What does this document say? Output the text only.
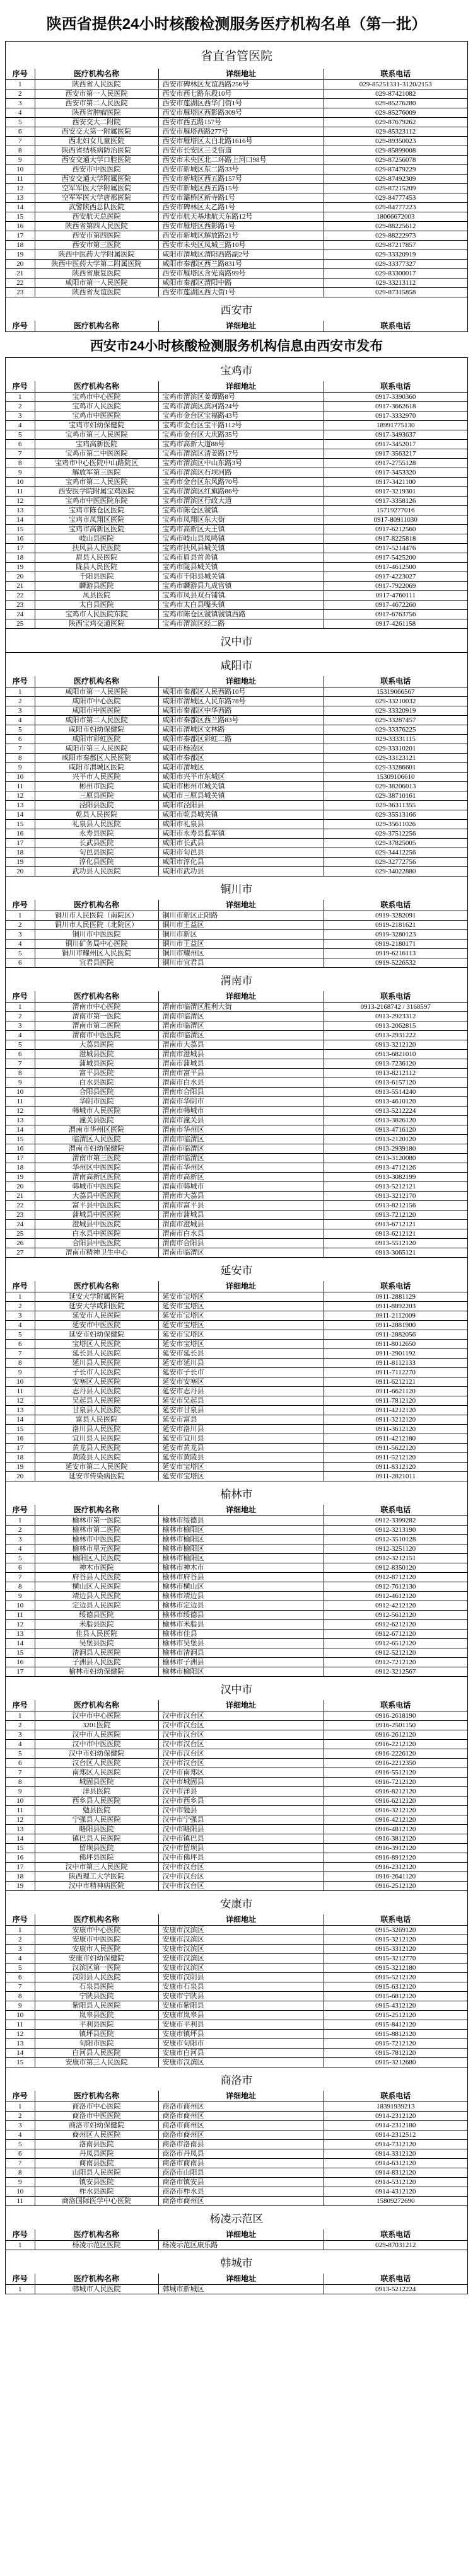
陕西省提供24小时核酸检测服务医疗机构名单（第一批）
省直省管医院
序号	医疗机构名称	详细地址	联系电话
1	陕西省人民医院	西安市碑林区友谊西路256号	029-85251331-3120/2153
2	西安市第一人民医院	西安市西七路东段10号	029-87421082
3	西安市第二人民医院	西安市莲湖区西华门街1号	029-85276280
4	陕西省肿瘤医院	西安市雁塔区西影路309号	029-85276009
5	西安交大二附院	西安市西五路157号	029-87679262
6	西安交大第一附属医院	西安市雁塔西路277号	029-85323112
7	西北妇女儿童医院	西安市雁塔区太白北路1616号	029-89350023
8	陕西省结核病防治医院	西安市长安区三爻街道	029-85899008
9	西安交通大学口腔医院	西安市未央区北二环路上河口98号	029-87256078
10	西安市中医医院	西安市新城区东二路33号	029-87479229
11	西安交通大学附属医院	西安市新城区西五路157号	029-87492309
12	空军军医大学附属医院	西安市新城区西五路15号	029-87215209
13	空军军医大学唐都医院	西安市灞桥区新寺路1号	029-84777453
14	武警陕西总队医院	西安市碑林区太乙路1号	029-84777223
15	西安航天总医院	西安市航天基地航天东路12号	18066672003
16	陕西省第四人民医院	西安市雁塔区西影路1号	029-88225612
17	西安市第四医院	西安市新城区解放路21号	029-88222973
18	西安市第三医院	西安市未央区凤城三路10号	029-87217857
19	陕西中医药大学附属医院	咸阳市渭城区渭阳西路副2号	029-33320919
20	陕西中医药大学第二附属医院	咸阳市秦都区西兰路831号	029-33377327
21	陕西省康复医院	西安市雁塔区含光南路99号	029-83300017
22	咸阳市第一人民医院	咸阳市秦都区渭阳中路	029-33213112
23	陕西省友谊医院	西安市莲湖区西大街1号	029-87315858
西安市
序号	医疗机构名称	详细地址	联系电话
西安市24小时核酸检测服务机构信息由西安市发布
宝鸡市
序号	医疗机构名称	详细地址	联系电话
1	宝鸡市中心医院	宝鸡市渭滨区姜谭路8号	0917-3390360
2	宝鸡市人民医院	宝鸡市渭滨区滨河路24号	0917-3662618
3	宝鸡市中医医院	宝鸡市金台区宝福路43号	0917-3332970
4	宝鸡市妇幼保健院	宝鸡市金台区宝平路112号	18991775130
5	宝鸡市第三人民医院	宝鸡市金台区大庆路35号	0917-3493637
6	宝鸡高新医院	宝鸡市高新大道88号	0917-3452017
7	宝鸡市第二中医医院	宝鸡市渭滨区清姜路17号	0917-3563217
8	宝鸡市中心医院中山路院区	宝鸡市渭滨区中山东路3号	0917-2755128
9	解放军第三医院	宝鸡市渭滨区石坝河路	0917-3453320
10	宝鸡市第二人民医院	宝鸡市金台区东风路70号	0917-3421100
11	西安医学院附属宝鸡医院	宝鸡市渭滨区红旗路86号	0917-3219301
12	宝鸡市中医医院东院	宝鸡市渭滨区行政大道	0917-3358126
13	宝鸡市陈仓区医院	宝鸡市陈仓区虢镇	15719277016
14	宝鸡市凤翔区医院	宝鸡市凤翔区东大街	0917-80911030
15	宝鸡市高新区医院	宝鸡市高新区天王镇	0917-6212560
16	岐山县医院	宝鸡市岐山县凤鸣镇	0917-8225818
17	扶风县人民医院	宝鸡市扶风县城关镇	0917-5214476
18	眉县人民医院	宝鸡市眉县首善镇	0917-5425200
19	陇县人民医院	宝鸡市陇县城关镇	0917-4612500
20	千阳县医院	宝鸡市千阳县城关镇	0917-4223027
21	麟游县医院	宝鸡市麟游县九成宫镇	0917-7922069
22	凤县医院	宝鸡市凤县双石铺镇	0917-4760111
23	太白县医院	宝鸡市太白县嘴头镇	0917-4672260
24	宝鸡市人民医院东院	宝鸡市陈仓区虢镇虢镇西路	0917-6763756
25	陕西宝鸡交通医院	宝鸡市渭滨区经二路	0917-4261158
汉中市
咸阳市
序号	医疗机构名称	详细地址	联系电话
1	咸阳市第一人民医院	咸阳市秦都区人民西路10号	15319066567
2	咸阳市中心医院	咸阳市渭城区人民东路78号	029-33210032
3	咸阳市中医医院	咸阳市秦都区中华西路	029-33320919
4	咸阳市第二人民医院	咸阳市秦都区西兰路83号	029-33287457
5	咸阳市妇幼保健院	咸阳市渭城区文林路	029-33376225
6	咸阳市彩虹医院	咸阳市秦都区彩虹二路	029-33331115
7	咸阳市第三人民医院	咸阳市杨凌区	029-33310201
8	咸阳市秦都区人民医院	咸阳市秦都区	029-33123121
9	咸阳市渭城区医院	咸阳市渭城区	029-33286601
10	兴平市人民医院	咸阳市兴平市东城区	15309106610
11	彬州市医院	咸阳市彬州市城关镇	029-38206013
12	三原县医院	咸阳市三原县城关镇	029-38710161
13	泾阳县医院	咸阳市泾阳县	029-36311355
14	乾县人民医院	咸阳市乾县城关镇	029-35513166
15	礼泉县人民医院	咸阳市礼泉县	029-35611026
16	永寿县医院	咸阳市永寿县监军镇	029-37512256
17	长武县医院	咸阳市长武县	029-37825005
18	旬邑县医院	咸阳市旬邑县	029-34412256
19	淳化县医院	咸阳市淳化县	029-32772756
20	武功县人民医院	咸阳市武功县	029-34022880
铜川市
序号	医疗机构名称	详细地址	联系电话
1	铜川市人民医院（南院区）	铜川市新区正阳路	0919-3282091
2	铜川市人民医院（北院区）	铜川市王益区	0919-2181621
3	铜川市中医医院	铜川市新区	0919-3280123
4	铜川矿务局中心医院	铜川市王益区	0919-2180171
5	铜川市耀州区人民医院	铜川市耀州区	0919-6216113
6	宜君县医院	铜川市宜君县	0919-5226532
渭南市
序号	医疗机构名称	详细地址	联系电话
1	渭南市中心医院	渭南市临渭区胜利大街	0913-2168742 / 3168597
2	渭南市第一医院	渭南市临渭区	0913-2923312
3	渭南市第二医院	渭南市临渭区	0913-2062815
4	渭南市中医医院	渭南市临渭区	0913-2931222
5	大荔县医院	渭南市大荔县	0913-3212120
6	澄城县医院	渭南市澄城县	0913-6821010
7	蒲城县医院	渭南市蒲城县	0913-7236120
8	富平县医院	渭南市富平县	0913-8212112
9	白水县医院	渭南市白水县	0913-6157120
10	合阳县医院	渭南市合阳县	0913-5514240
11	华阴市医院	渭南市华阴市	0913-4610120
12	韩城市人民医院	渭南市韩城市	0913-5212224
13	潼关县医院	渭南市潼关县	0913-3826120
14	渭南市华州区医院	渭南市华州区	0913-4716120
15	临渭区人民医院	渭南市临渭区	0913-2120120
16	渭南市妇幼保健院	渭南市临渭区	0913-2939180
17	渭南市第三医院	渭南市临渭区	0913-3120080
18	华州区中医医院	渭南市华州区	0913-4712126
19	渭南高新区医院	渭南市高新区	0913-3082199
20	韩城市中医医院	渭南市韩城市	0913-5212121
21	大荔县中医医院	渭南市大荔县	0913-3212170
22	富平县中医医院	渭南市富平县	0913-8212156
23	蒲城县中医医院	渭南市蒲城县	0913-7212120
24	澄城县中医医院	渭南市澄城县	0913-6712121
25	白水县中医医院	渭南市白水县	0913-6212121
26	合阳县中医医院	渭南市合阳县	0913-5512120
27	渭南市精神卫生中心	渭南市临渭区	0913-3065121
延安市
序号	医疗机构名称	详细地址	联系电话
1	延安大学附属医院	延安市宝塔区	0911-2881129
2	延安大学咸阳医院	延安市宝塔区	0911-8892203
3	延安市人民医院	延安市宝塔区	0911-2112009
4	延安市中医医院	延安市宝塔区	0911-2881900
5	延安市妇幼保健院	延安市宝塔区	0911-2882056
6	宝塔区人民医院	延安市宝塔区	0911-8012650
7	延长县人民医院	延安市延长县	0911-2901192
8	延川县人民医院	延安市延川县	0911-8112133
9	子长市人民医院	延安市子长市	0911-7112270
10	安塞区人民医院	延安市安塞区	0911-6212121
11	志丹县人民医院	延安市志丹县	0911-6621120
12	吴起县人民医院	延安市吴起县	0911-7812120
13	甘泉县人民医院	延安市甘泉县	0911-4212120
14	富县人民医院	延安市富县	0911-3212120
15	洛川县人民医院	延安市洛川县	0911-3612120
16	宜川县人民医院	延安市宜川县	0911-4212180
17	黄龙县人民医院	延安市黄龙县	0911-5622120
18	黄陵县人民医院	延安市黄陵县	0911-5212120
19	延安市第二人民医院	延安市宝塔区	0911-8312120
20	延安市传染病医院	延安市宝塔区	0911-2821011
榆林市
序号	医疗机构名称	详细地址	联系电话
1	榆林市第一医院	榆林市绥德县	0912-3399282
2	榆林市第二医院	榆林市榆阳区	0912-3213190
3	榆林市中医医院	榆林市榆阳区	0912-3510128
4	榆林市星元医院	榆林市榆阳区	0912-3251120
5	榆阳区人民医院	榆林市榆阳区	0912-3212151
6	神木市医院	榆林市神木市	0912-8350120
7	府谷县人民医院	榆林市府谷县	0912-8712120
8	横山区人民医院	榆林市横山区	0912-7612130
9	靖边县人民医院	榆林市靖边县	0912-4612120
10	定边县人民医院	榆林市定边县	0912-4212120
11	绥德县医院	榆林市绥德县	0912-5612120
12	米脂县医院	榆林市米脂县	0912-6212120
13	佳县人民医院	榆林市佳县	0912-6712120
14	吴堡县医院	榆林市吴堡县	0912-6512120
15	清涧县人民医院	榆林市清涧县	0912-5212120
16	子洲县人民医院	榆林市子洲县	0912-7212120
17	榆林市妇幼保健院	榆林市榆阳区	0912-3212567
汉中市
序号	医疗机构名称	详细地址	联系电话
1	汉中市中心医院	汉中市汉台区	0916-2618190
2	3201医院	汉中市汉台区	0916-2501150
3	汉中市人民医院	汉中市汉台区	0916-2612120
4	汉中市中医医院	汉中市汉台区	0916-2212120
5	汉中市妇幼保健院	汉中市汉台区	0916-2226120
6	汉台区人民医院	汉中市汉台区	0916-2212350
7	南郑区人民医院	汉中市南郑区	0916-5512120
8	城固县医院	汉中市城固县	0916-7212120
9	洋县医院	汉中市洋县	0916-8212120
10	西乡县人民医院	汉中市西乡县	0916-6212120
11	勉县医院	汉中市勉县	0916-3212120
12	宁强县人民医院	汉中市宁强县	0916-4212120
13	略阳县医院	汉中市略阳县	0916-4812120
14	镇巴县人民医院	汉中市镇巴县	0916-3812120
15	留坝县医院	汉中市留坝县	0916-3912120
16	佛坪县医院	汉中市佛坪县	0916-8912120
17	汉中市第三人民医院	汉中市汉台区	0916-2312120
18	陕西理工大学医院	汉中市汉台区	0916-2641120
19	汉中市精神病医院	汉中市汉台区	0916-2512120
安康市
序号	医疗机构名称	详细地址	联系电话
1	安康市中心医院	安康市汉滨区	0915-3269120
2	安康市中医医院	安康市汉滨区	0915-3212120
3	安康市人民医院	安康市汉滨区	0915-3312120
4	安康市妇幼保健院	安康市汉滨区	0915-3212770
5	汉滨区第一医院	安康市汉滨区	0915-3212180
6	汉阴县人民医院	安康市汉阴县	0915-5212120
7	石泉县医院	安康市石泉县	0915-6312120
8	宁陕县医院	安康市宁陕县	0915-6812120
9	紫阳县人民医院	安康市紫阳县	0915-4312120
10	岚皋县医院	安康市岚皋县	0915-2512120
11	平利县医院	安康市平利县	0915-8412120
12	镇坪县医院	安康市镇坪县	0915-8812120
13	旬阳市医院	安康市旬阳市	0915-7212120
14	白河县人民医院	安康市白河县	0915-7812120
15	安康市第三人民医院	安康市汉滨区	0915-3212680
商洛市
序号	医疗机构名称	详细地址	联系电话
1	商洛市中心医院	商洛市商州区	18391939213
2	商洛市中医医院	商洛市商州区	0914-2312120
3	商洛市妇幼保健院	商洛市商州区	0914-2312180
4	商州区人民医院	商洛市商州区	0914-2312512
5	洛南县医院	商洛市洛南县	0914-7312120
6	丹凤县医院	商洛市丹凤县	0914-3312120
7	商南县医院	商洛市商南县	0914-6312120
8	山阳县人民医院	商洛市山阳县	0914-8312120
9	镇安县医院	商洛市镇安县	0914-5312120
10	柞水县医院	商洛市柞水县	0914-4312120
11	商洛国际医学中心医院	商洛市商州区	15809272690
杨凌示范区
序号	医疗机构名称	详细地址	联系电话
1	杨凌示范区医院	杨凌示范区康乐路	029-87031212
韩城市
序号	医疗机构名称	详细地址	联系电话
1	韩城市人民医院	韩城市新城区	0913-5212224
